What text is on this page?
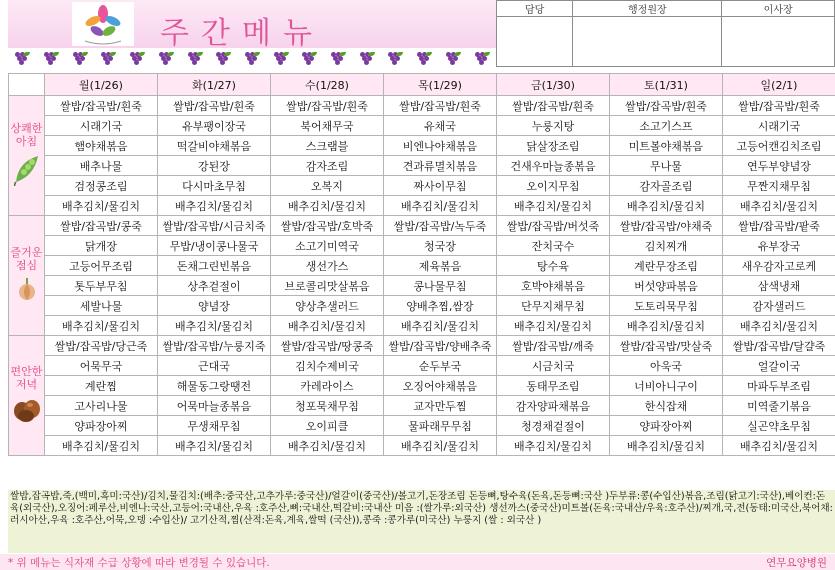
주간메뉴
담당	행정원장	이사장

	월(1/26)	화(1/27)	수(1/28)	목(1/29)	금(1/30)	토(1/31)	일(2/1)

상쾌한
아침	쌀밥/잡곡밥/흰죽	쌀밥/잡곡밥/흰죽	쌀밥/잡곡밥/흰죽	쌀밥/잡곡밥/흰죽	쌀밥/잡곡밥/흰죽	쌀밥/잡곡밥/흰죽	쌀밥/잡곡밥/흰죽
	시래기국	유부팽이장국	북어채무국	유채국	누룽지탕	소고기스프	시래기국
	햄야채볶음	떡갈비야채볶음	스크램블	비엔나야채볶음	닭살장조림	미트볼야채볶음	고등어캔김치조림
	배추나물	강된장	감자조림	견과류멸치볶음	건새우마늘종볶음	무나물	연두부양념장
	검정콩조림	다시마초무침	오복지	짜사이무침	오이지무침	감자골조림	무짠지채무침
	배추김치/물김치	배추김치/물김치	배추김치/물김치	배추김치/물김치	배추김치/물김치	배추김치/물김치	배추김치/물김치

즐거운
점심	쌀밥/잡곡밥/콩죽	쌀밥/잡곡밥/시금치죽	쌀밥/잡곡밥/호박죽	쌀밥/잡곡밥/녹두죽	쌀밥/잡곡밥/버섯죽	쌀밥/잡곡밥/야채죽	쌀밥/잡곡밥/팥죽
	닭개장	무밥/냉이콩나물국	소고기미역국	청국장	잔치국수	김치찌개	유부장국
	고등어무조림	돈채그린빈볶음	생선가스	제육볶음	탕수육	계란무장조림	새우감자고로케
	톳두부무침	상추겉절이	브로콜리맛살볶음	콩나물무침	호박야채볶음	버섯양파볶음	삼색냉채
	세발나물	양념장	양상추샐러드	양배추찜,쌈장	단무지채무침	도토리묵무침	감자샐러드
	배추김치/물김치	배추김치/물김치	배추김치/물김치	배추김치/물김치	배추김치/물김치	배추김치/물김치	배추김치/물김치

편안한
저녁	쌀밥/잡곡밥/당근죽	쌀밥/잡곡밥/누룽지죽	쌀밥/잡곡밥/땅콩죽	쌀밥/잡곡밥/양배추죽	쌀밥/잡곡밥/깨죽	쌀밥/잡곡밥/맛살죽	쌀밥/잡곡밥/달걀죽
	어묵무국	근대국	김치수제비국	순두부국	시금치국	아욱국	얼갈이국
	계란찜	해물동그랑땡전	카레라이스	오징어야채볶음	동태무조림	너비아니구이	마파두부조림
	고사리나물	어묵마늘종볶음	청포묵채무침	교자만두찜	감자양파채볶음	한식잡채	미역줄기볶음
	양파장아찌	무생채무침	오이피클	물파래무무침	청경채겉절이	양파장아찌	실곤약초무침
	배추김치/물김치	배추김치/물김치	배추김치/물김치	배추김치/물김치	배추김치/물김치	배추김치/물김치	배추김치/물김치
쌀밥,잡곡밥,죽,(백미,흑미:국산)/김치,물김치:(배추:중국산,고추가루:중국산)/얼갈이(중국산)/볼고기,돈장조림 돈등뼈,탕수육(돈육,돈등뼈:국산 )두부류:콩(수입산)볶음,조림(닭고기:국산),베이컨:돈육(외국산),오징어:페루산,비엔나:국산,고등어:국내산,우육 :호주산,뼈:국내산,떡갈비:국내산 미음 :(쌀가루:외국산) 생선까스(중국산)미트볼(돈육:국내산/우육:호주산)/찌개,국,전(동태:미국산,북어채:러시아산,우육 :호주산,어묵,오뎅 :수입산)/ 고기산적,찜(산적:돈육,계육,쌀떡 (국산)),콩죽 :콩가루(미국산) 누룽지 (쌀 : 외국산 )
* 위 메뉴는 식자재 수급 상황에 따라 변경될 수 있습니다.	연무요양병원
